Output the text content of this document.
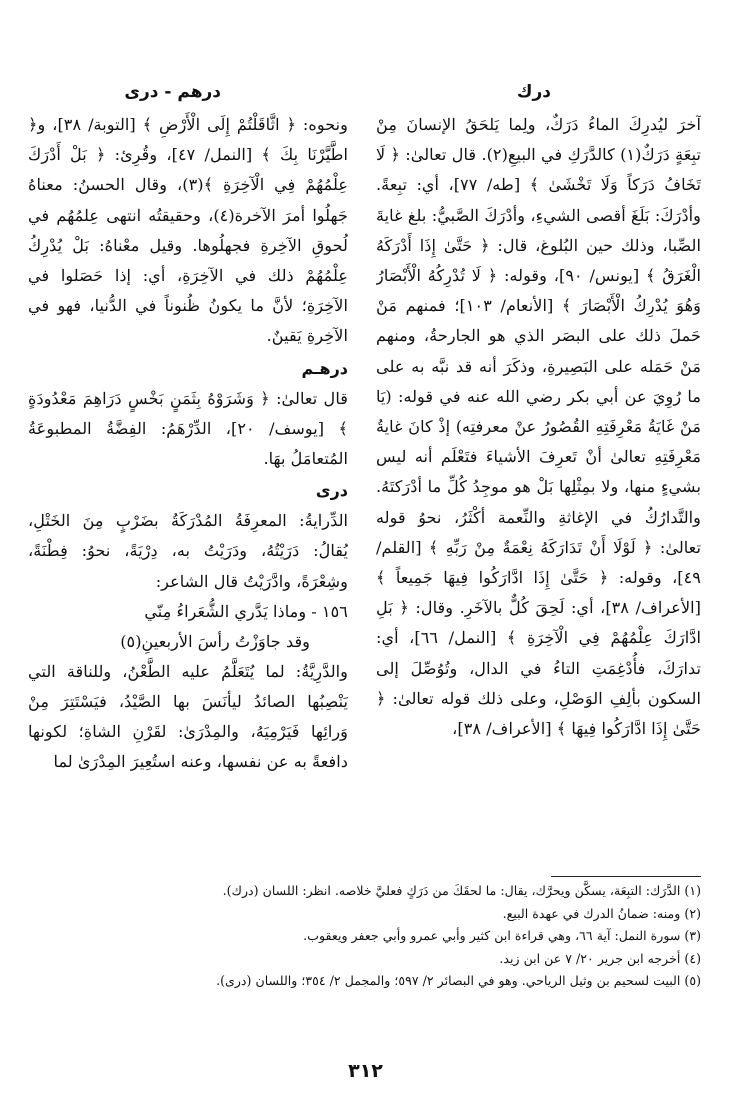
درك
درهم - درى

آخرَ ليُدرِكَ الماءُ دَرَكٌ، ولِما يَلحَقُ الإنسانَ مِنْ تبِعَةٍ دَرَكٌ(١) كالدَّرَكِ في البيعِ(٢). قال تعالىٰ: ﴿ لَا تَخَافُ دَرَكاً وَلَا تَخْشَىٰ ﴾ [طه/ ٧٧]، أي: تبِعةً. وأدْرَكَ: بَلَغَ أقصى الشيءِ، وأدْرَكَ الصَّبيُّ: بلغ غايةَ الصِّبا، وذلك حين البُلوغ، قال: ﴿ حَتَّىٰ إِذَا أَدْرَكَهُ الْغَرَقُ ﴾ [يونس/ ٩٠]، وقوله: ﴿ لَا تُدْرِكُهُ الْأَبْصَارُ وَهُوَ يُدْرِكُ الْأَبْصَارَ ﴾ [الأنعام/ ١٠٣]؛ فمنهم مَنْ حَملَ ذلك على البصَر الذي هو الجارحةُ، ومنهم مَنْ حَمَله على البَصِيرةِ، وذكَرَ أنه قد نبَّه به على ما رُوِيَ عن أبي بكر رضي الله عنه في قوله: (يَا مَنْ غَايَةُ مَعْرِفَتِهِ القُصُورُ عنْ معرفتِه) إذْ كانَ غايةُ مَعْرِفَتِهِ تعالىٰ أنْ تَعرِفَ الأشياءَ فتَعْلَم أنه ليس بشيءٍ منها، ولا بمِثْلِها بَلْ هو موجِدُ كُلِّ ما أدْرَكتَهُ. والتَّدارُكُ في الإغاثةِ والنِّعمة أكْثَرُ، نحوُ قوله تعالىٰ: ﴿ لَوْلَا أَنْ تَدَارَكَهُ نِعْمَةٌ مِنْ رَبِّهِ ﴾ [القلم/ ٤٩]، وقوله: ﴿ حَتَّىٰ إِذَا ادَّارَكُوا فِيهَا جَمِيعاً ﴾ [الأعراف/ ٣٨]، أي: لَحِقَ كُلٌّ بالآخَرِ. وقال: ﴿ بَلِ ادَّارَكَ عِلْمُهُمْ فِي الْآخِرَةِ ﴾ [النمل/ ٦٦]، أي: تدارَكَ، فأُدْغِمَتِ التاءُ في الدال، وتُوُصِّلَ إلى السكون بألِفِ الوَصْلِ، وعلى ذلك قوله تعالىٰ: ﴿ حَتَّىٰ إِذَا ادَّارَكُوا فِيهَا ﴾ [الأعراف/ ٣٨]،

ونحوه: ﴿ اثَّاقَلْتُمْ إِلَى الْأَرْضِ ﴾ [التوبة/ ٣٨]، و﴿ اطَّيَّرْنَا بِكَ ﴾ [النمل/ ٤٧]، وقُرِئ: ﴿ بَلْ أَدْرَكَ عِلْمُهُمْ فِي الْآخِرَةِ ﴾(٣)، وقال الحسنُ: معناهُ جَهلُوا أمرَ الآخرة(٤)، وحقيقتُه انتهى عِلمُهُم في لُحوقِ الآخِرةِ فجهلُوها. وقيل معْناهُ: بَلْ يُدْرِكُ عِلْمُهُمْ ذلك في الآخِرَةِ، أي: إذا حَصَلوا في الآخِرَةِ؛ لأنَّ ما يكونُ ظُنوناً في الدُّنيا، فهو في الآخِرةِ يَقينٌ.

درهـم

قال تعالىٰ: ﴿ وَشَرَوْهُ بِثَمَنٍ بَخْسٍ دَرَاهِمَ مَعْدُودَةٍ ﴾ [يوسف/ ٢٠]، الدِّرْهَمُ: الفِضَّةُ المطبوعَةُ المُتعامَلُ بهَا.

درى

الدِّرايةُ: المعرِفَةُ المُدْرَكَةُ بضَرْبٍ مِنَ الخَتْلِ، يُقالُ: دَرَيْتُهُ، ودَرَيْتُ به، دِرْيَةً، نحوُ: فِطْنَةً، وشِعْرَةً، وادَّرَيْتُ قال الشاعر:

١٥٦ - وماذا يَدَّري الشُّعَراءُ مِنّي

وقد جاوَزْتُ رأسَ الأربعينِ(٥)

والدَّرِيَّةُ: لما يُتَعَلَّمُ عليه الطَّعْنُ، وللناقة التي يَنْصِبُها الصائدُ ليأنَسَ بها الصَّيْدُ، فيَسْتَتِرَ مِنْ وَرائِها فَيَرْمِيَهُ، والمِدْرَىٰ: لقَرْنِ الشاةِ؛ لكونها دافعةً به عن نفسها، وعنه استُعِيرَ المِدْرَىٰ لما

(١) الدَّرَك: التبِعَة، يسكَّن ويحرَّك، يقال: ما لحقَكَ من دَرَكٍ فعليَّ خلاصه. انظر: اللسان (درك).

(٢) ومنه: ضمانُ الدرك في عهدة البيع.

(٣) سورة النمل: آية ٦٦، وهي قراءة ابن كثير وأبي عمرو وأبي جعفر ويعقوب.

(٤) أخرجه ابن جرير ٢٠/ ٧ عن ابن زيد.

(٥) البيت لسحيم بن وثيل الرياحي. وهو في البصائر ٢/ ٥٩٧؛ والمجمل ٢/ ٣٥٤؛ واللسان (درى).

٣١٢
